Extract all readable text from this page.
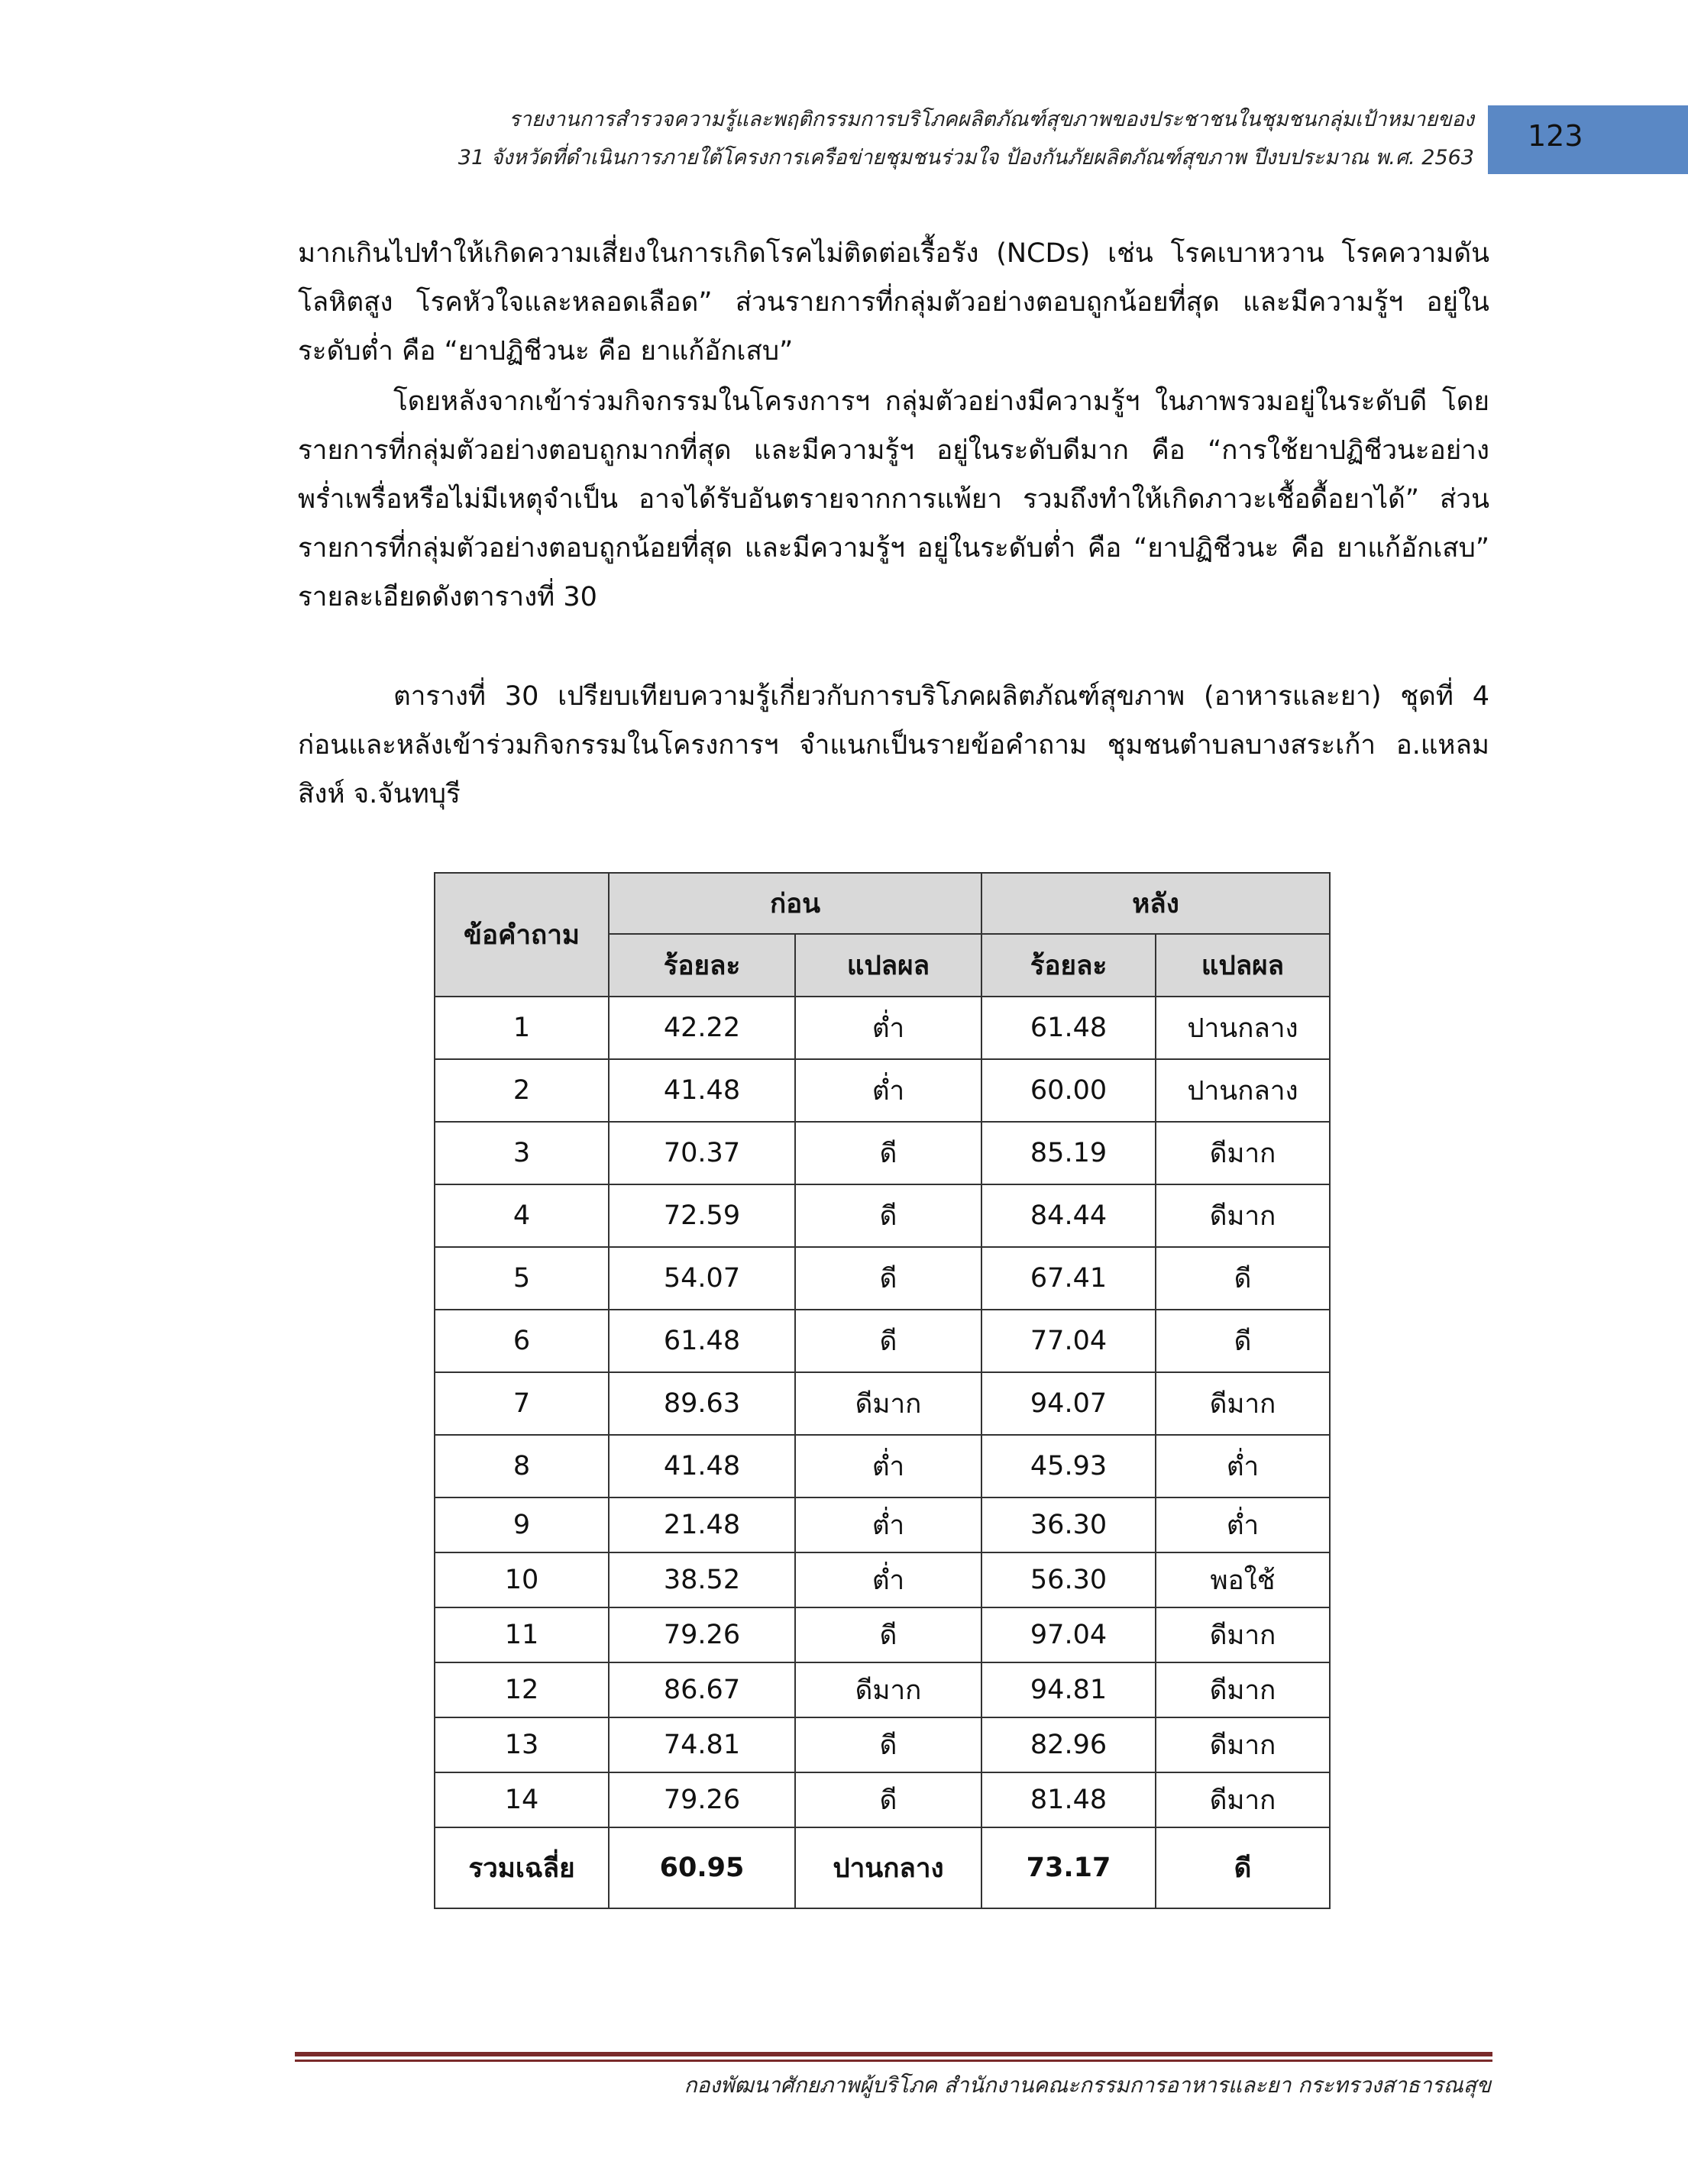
รายงานการสำรวจความรู้และพฤติกรรมการบริโภคผลิตภัณฑ์สุขภาพของประชาชนในชุมชนกลุ่มเป้าหมายของ
31 จังหวัดที่ดำเนินการภายใต้โครงการเครือข่ายชุมชนร่วมใจ ป้องกันภัยผลิตภัณฑ์สุขภาพ ปีงบประมาณ พ.ศ. 2563
123

มากเกินไปทำให้เกิดความเสี่ยงในการเกิดโรคไม่ติดต่อเรื้อรัง (NCDs) เช่น โรคเบาหวาน โรคความดันโลหิตสูง โรคหัวใจและหลอดเลือด” ส่วนรายการที่กลุ่มตัวอย่างตอบถูกน้อยที่สุด และมีความรู้ฯ อยู่ในระดับต่ำ คือ “ยาปฏิชีวนะ คือ ยาแก้อักเสบ”

โดยหลังจากเข้าร่วมกิจกรรมในโครงการฯ กลุ่มตัวอย่างมีความรู้ฯ ในภาพรวมอยู่ในระดับดี โดยรายการที่กลุ่มตัวอย่างตอบถูกมากที่สุด และมีความรู้ฯ อยู่ในระดับดีมาก คือ “การใช้ยาปฏิชีวนะอย่างพร่ำเพรื่อหรือไม่มีเหตุจำเป็น อาจได้รับอันตรายจากการแพ้ยา รวมถึงทำให้เกิดภาวะเชื้อดื้อยาได้” ส่วนรายการที่กลุ่มตัวอย่างตอบถูกน้อยที่สุด และมีความรู้ฯ อยู่ในระดับต่ำ คือ “ยาปฏิชีวนะ คือ ยาแก้อักเสบ” รายละเอียดดังตารางที่ 30

ตารางที่ 30 เปรียบเทียบความรู้เกี่ยวกับการบริโภคผลิตภัณฑ์สุขภาพ (อาหารและยา) ชุดที่ 4 ก่อนและหลังเข้าร่วมกิจกรรมในโครงการฯ จำแนกเป็นรายข้อคำถาม ชุมชนตำบลบางสระเก้า อ.แหลมสิงห์ จ.จันทบุรี

ข้อคำถาม	ก่อน		หลัง	
	ร้อยละ	แปลผล	ร้อยละ	แปลผล
1	42.22	ต่ำ	61.48	ปานกลาง
2	41.48	ต่ำ	60.00	ปานกลาง
3	70.37	ดี	85.19	ดีมาก
4	72.59	ดี	84.44	ดีมาก
5	54.07	ดี	67.41	ดี
6	61.48	ดี	77.04	ดี
7	89.63	ดีมาก	94.07	ดีมาก
8	41.48	ต่ำ	45.93	ต่ำ
9	21.48	ต่ำ	36.30	ต่ำ
10	38.52	ต่ำ	56.30	พอใช้
11	79.26	ดี	97.04	ดีมาก
12	86.67	ดีมาก	94.81	ดีมาก
13	74.81	ดี	82.96	ดีมาก
14	79.26	ดี	81.48	ดีมาก
รวมเฉลี่ย	60.95	ปานกลาง	73.17	ดี
กองพัฒนาศักยภาพผู้บริโภค สำนักงานคณะกรรมการอาหารและยา กระทรวงสาธารณสุข
